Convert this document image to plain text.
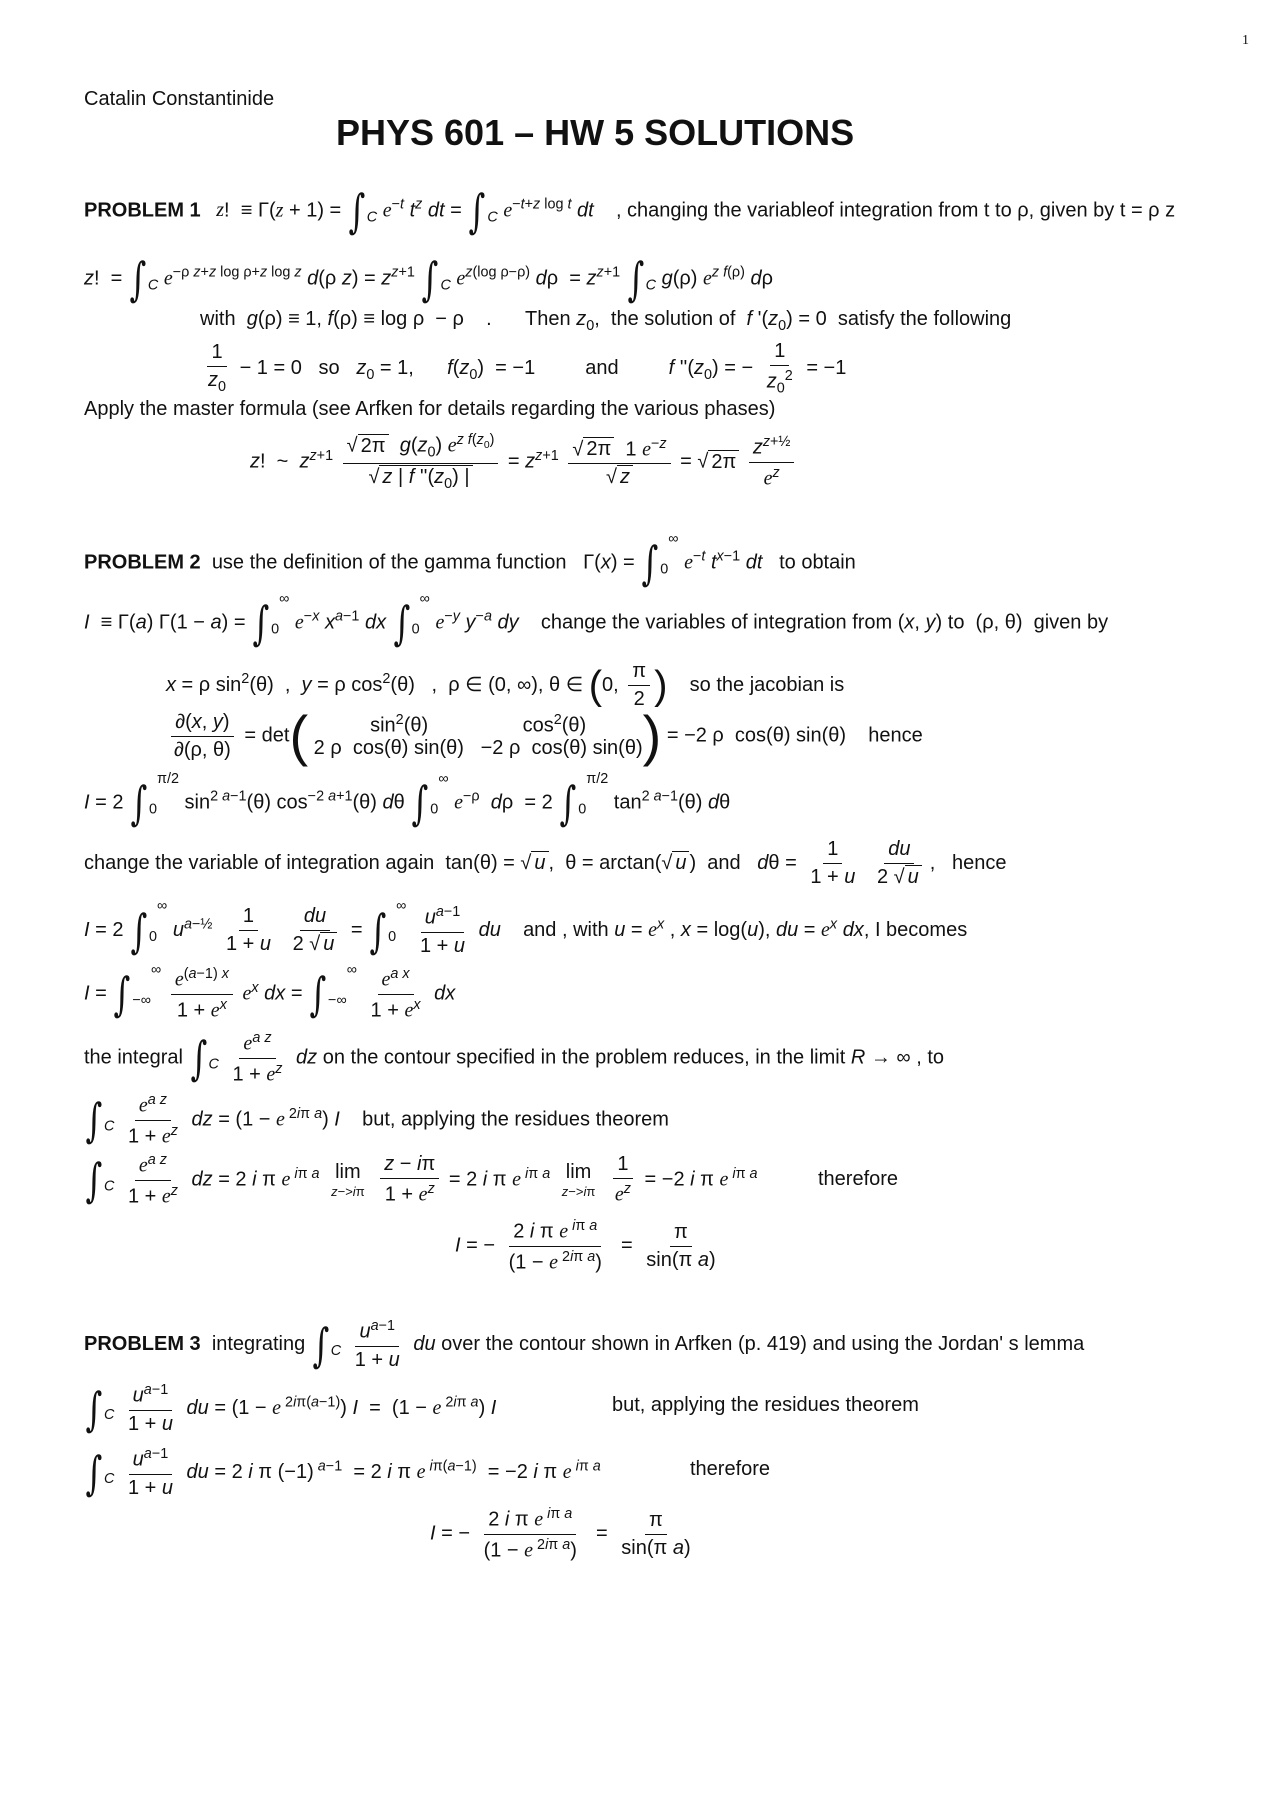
1
Catalin Constantinide
PHYS 601 – HW 5 SOLUTIONS
PROBLEM 1 z!  ≡ Γ(z + 1) = ∫ $_C$ $e^{-t}$ $t^z$ dt = ∫ $_C$ $e^{-t+z log t}$ dt , changing the variableof integration from t to ρ, given by t = ρ z
z!  = ∫ $_C$ $e^{-\rho z+z log \rho+z log z}$ d(ρ $z) = z^{z+1}$ ∫ $_C$ $e^{z(log \rho-\rho)}$ $d\rho = z^{z+1}$ ∫ $_C$ g(ρ) $e^{z f(\rho)}$ dρ
with  g(ρ) ≡ 1, f(ρ) ≡ log ρ  − ρ    .      Then $z_0$,  the solution of  f '$(z_0) = 0$  satisfy the following
$\frac{1}{z_0} - 1 = 0$   so   $z_0 = 1$,      $f(z_0) = -1$         and         f ''$(z_0)$ = − $\frac{1}{z_0^2} = -1$
Apply the master formula (see Arfken for details regarding the various phases)
z!  ~  $z^{z+1} \frac{√ 2\pi g(z_0) e^{z f(z_0)}}{√ z | f ''(z_0) |} = z^{z+1} \frac{√ 2\pi 1 e^{-z}}{√ z}$ = √ $2\pi \frac{z^{z+\frac{1}{2}}}{e^z}$
PROBLEM 2 use the definition of the gamma function   Γ(x) = ∫ $_0$∞ $e^{-t}$ $t^{x-1}$ dt to obtain
I  ≡ Γ(a) Γ(1 − a) = ∫ $_0$∞ $e^{-x}$ $x^{a-1}$ dx ∫ $_0$∞ $e^{-y}$ $y^{-a}$ dy change the variables of integration from (x, y) to  (ρ, θ)  given by
x = ρ $\sin^2(\theta)$  ,  y = ρ $\cos^2(\theta)$   ,  ρ ∈ (0, ∞), θ ∈ (0, $\frac{\pi}{2}$ ) so the jacobian is
$\frac{\partial(x, y)}{\partial(\rho, \theta)} = \det$(	$\sin^2(\theta)$                 $\cos^2(\theta)$
2 ρ  cos(θ) sin(θ)   −2 ρ  cos(θ) sin(θ) ) = −2 ρ  cos(θ) sin(θ)    hence
I = 2 ∫ $_0^{\pi/2}$ $\sin^{2 a-1}(\theta)$ $\cos^{-2 a+1}(\theta)$ dθ ∫ $_0$∞ $e^{-\rho}$ dρ  = 2 ∫ $_0^{\pi/2}$ $\tan^{2 a-1}(\theta)$ dθ
change the variable of integration again  tan(θ) = √ u ,  θ = arctan(√ u )  and $d\theta = \frac{1}{1 + u}$
$\frac{du}{2 √ u}$ ,   hence
I = 2 ∫ $_0$∞ $u^{a-\frac{1}{2}} \frac{1}{1 + u}$
$\frac{du}{2 √ u}$ = ∫ $_0^\infty \frac{u^{a-1}}{1 + u}$ du and , with $u = e^x$ , x = log(u), du = $e^x$ dx, I becomes
I = ∫ $_{-\infty}^\infty \frac{e^{(a-1) x}}{1 + e^x} e^x$ dx = ∫ $_{-\infty}^\infty \frac{e^{a x}}{1 + e^x}$ dx
the integral ∫ $_C \frac{e^{a z}}{1 + e^z}$ dz on the contour specified in the problem reduces, in the limit R → ∞ , to
∫ $_C \frac{e^{a z}}{1 + e^z}$ dz = (1 − e $^{2i\pi a}$) I but, applying the residues theorem
∫ $_C \frac{e^{a z}}{1 + e^z}$ dz = 2 i π e $^{i\pi a}$ lim
z−>iπ
$\frac{z - i\pi}{1 + e^z} = 2$ i π e $^{i\pi a}$ lim
z−>iπ
$\frac{1}{e^z} = -2$ i π e $^{i\pi a}$	therefore
I = − $\frac{2 i \pi e ^{i\pi a}}{(1 - e ^{2i\pi a})} = \frac{\pi}{\text{sin(π a)}}$
PROBLEM 3 integrating ∫ $_C \frac{u^{a-1}}{1 + u}$ du over the contour shown in Arfken (p. 419) and using the Jordan' s lemma
∫ $_C \frac{u^{a-1}}{1 + u}$ du = (1 − e $^{2i\pi(a-1)}$) I  =  (1 − e $^{2i\pi a}$) I	but, applying the residues theorem
∫ $_C \frac{u^{a-1}}{1 + u}$ du = 2 i π (−1) $^{a-1}$  = 2 i π e $^{i\pi(a-1)}$  = −2 i π e $^{i\pi a}$	therefore
I = − $\frac{2 i \pi e ^{i\pi a}}{(1 - e ^{2i\pi a})} = \frac{\pi}{\text{sin(π a)}}$
